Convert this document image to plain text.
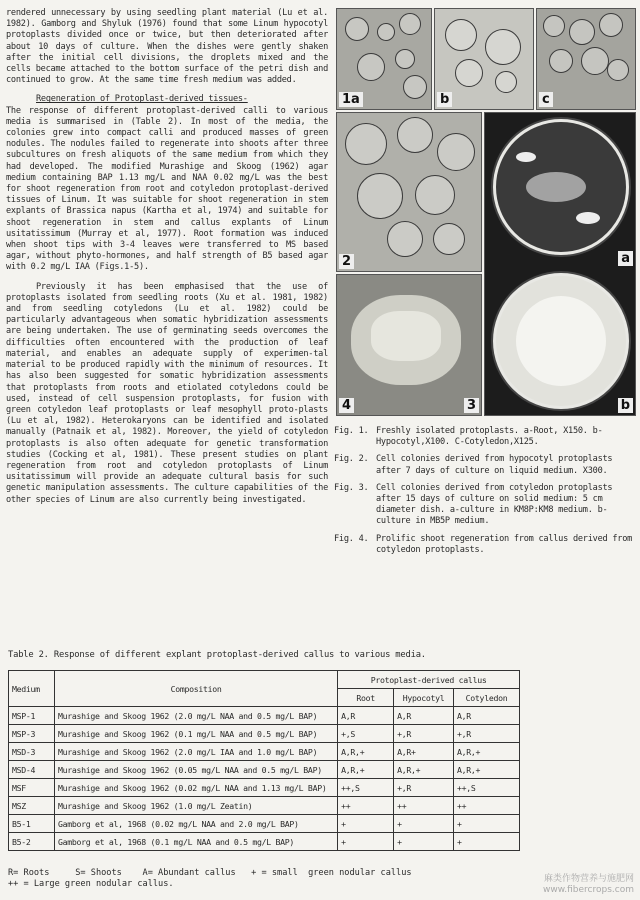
rendered unnecessary by using seedling plant material (Lu et al. 1982). Gamborg and Shyluk (1976) found that some Linum hypocotyl protoplasts divided once or twice, but then deteriorated after about 10 days of culture. When the dishes were gently shaken after the initial cell divisions, the droplets mixed and the cells became attached to the bottom surface of the petri dish and continued to grow. At the same time fresh medium was added.

Regeneration of Protoplast-derived tissues-

The response of different protoplast-derived calli to various media is summarised in (Table 2). In most of the media, the colonies grew into compact calli and produced masses of green nodules. The nodules failed to regenerate into shoots after three subcultures on fresh aliquots of the same medium from which they had developed. The modified Murashige and Skoog (1962) agar medium containing BAP 1.13 mg/L and NAA 0.02 mg/L was the best for shoot regeneration from root and cotyledon protoplast-derived tissues of Linum. It was suitable for shoot regeneration in stem explants of Brassica napus (Kartha et al, 1974) and suitable for shoot regeneration in stem and callus explants of Linum usitatissimum (Murray et al, 1977). Root formation was induced when shoot tips with 3-4 leaves were transferred to MS based agar, without phyto-hormones, and half strength of B5 based agar with 0.2 mg/L IAA (Figs.1-5).

Previously it has been emphasised that the use of protoplasts isolated from seedling roots (Xu et al. 1981, 1982) and from seedling cotyledons (Lu et al. 1982) could be particularly advantageous when somatic hybridization assessments are being undertaken. The use of germinating seeds overcomes the difficulties often encountered with the production of leaf material, and enables an adequate supply of experimen-tal material to be produced rapidly with the minimum of resources. It has also been suggested for somatic hybridization assessments that protoplasts from roots and etiolated cotyledons could be used, instead of cell suspension protoplasts, for fusion with green cotyledon leaf protoplasts or leaf mesophyll proto-plasts (Lu et al, 1982). Heterokaryons can be identified and isolated manually (Patnaik et al, 1982). Moreover, the yield of cotyledon protoplasts is also often adequate for genetic transformation studies (Cocking et al, 1981). These present studies on plant regeneration from root and cotyledon protoplasts of Linum usitatissimum will provide an adequate cultural basis for such genetic manipulation assessments. The culture capabilities of the other species of Linum are also currently being investigated.

1a	b	c
2	a
b
4	3
Fig. 1. Freshly isolated protoplasts. a-Root, X150. b-Hypocotyl,X100. C-Cotyledon,X125.
Fig. 2. Cell colonies derived from hypocotyl protoplasts after 7 days of culture on liquid medium. X300.
Fig. 3. Cell colonies derived from cotyledon protoplasts after 15 days of culture on solid medium: 5 cm diameter dish. a-culture in KM8P:KM8 medium. b-culture in MB5P medium.
Fig. 4. Prolific shoot regeneration from callus derived from cotyledon protoplasts.
Table 2. Response of different explant protoplast-derived callus to various media.
Medium	Composition	Protoplast-derived callus		
		Root	Hypocotyl	Cotyledon
MSP-1	Murashige and Skoog 1962 (2.0 mg/L NAA and 0.5 mg/L BAP)	A,R	A,R	A,R
MSP-3	Murashige and Skoog 1962 (0.1 mg/L NAA and 0.5 mg/L BAP)	+,S	+,R	+,R
MSD-3	Murashige and Skoog 1962 (2.0 mg/L IAA and 1.0 mg/L BAP)	A,R,+	A,R+	A,R,+
MSD-4	Murashige and Skoog 1962 (0.05 mg/L NAA and 0.5 mg/L BAP)	A,R,+	A,R,+	A,R,+
MSF	Murashige and Skoog 1962 (0.02 mg/L NAA and 1.13 mg/L BAP)	++,S	+,R	++,S
MSZ	Murashige and Skoog 1962 (1.0 mg/L Zeatin)	++	++	++
B5-1	Gamborg et al, 1968 (0.02 mg/L NAA and 2.0 mg/L BAP)	+	+	+
B5-2	Gamborg et al, 1968 (0.1 mg/L NAA and 0.5 mg/L BAP)	+	+	+
R= Roots     S= Shoots    A= Abundant callus   + = small  green nodular callus
++ = Large green nodular callus.	麻类作物营养与施肥网
www.fibercrops.com
